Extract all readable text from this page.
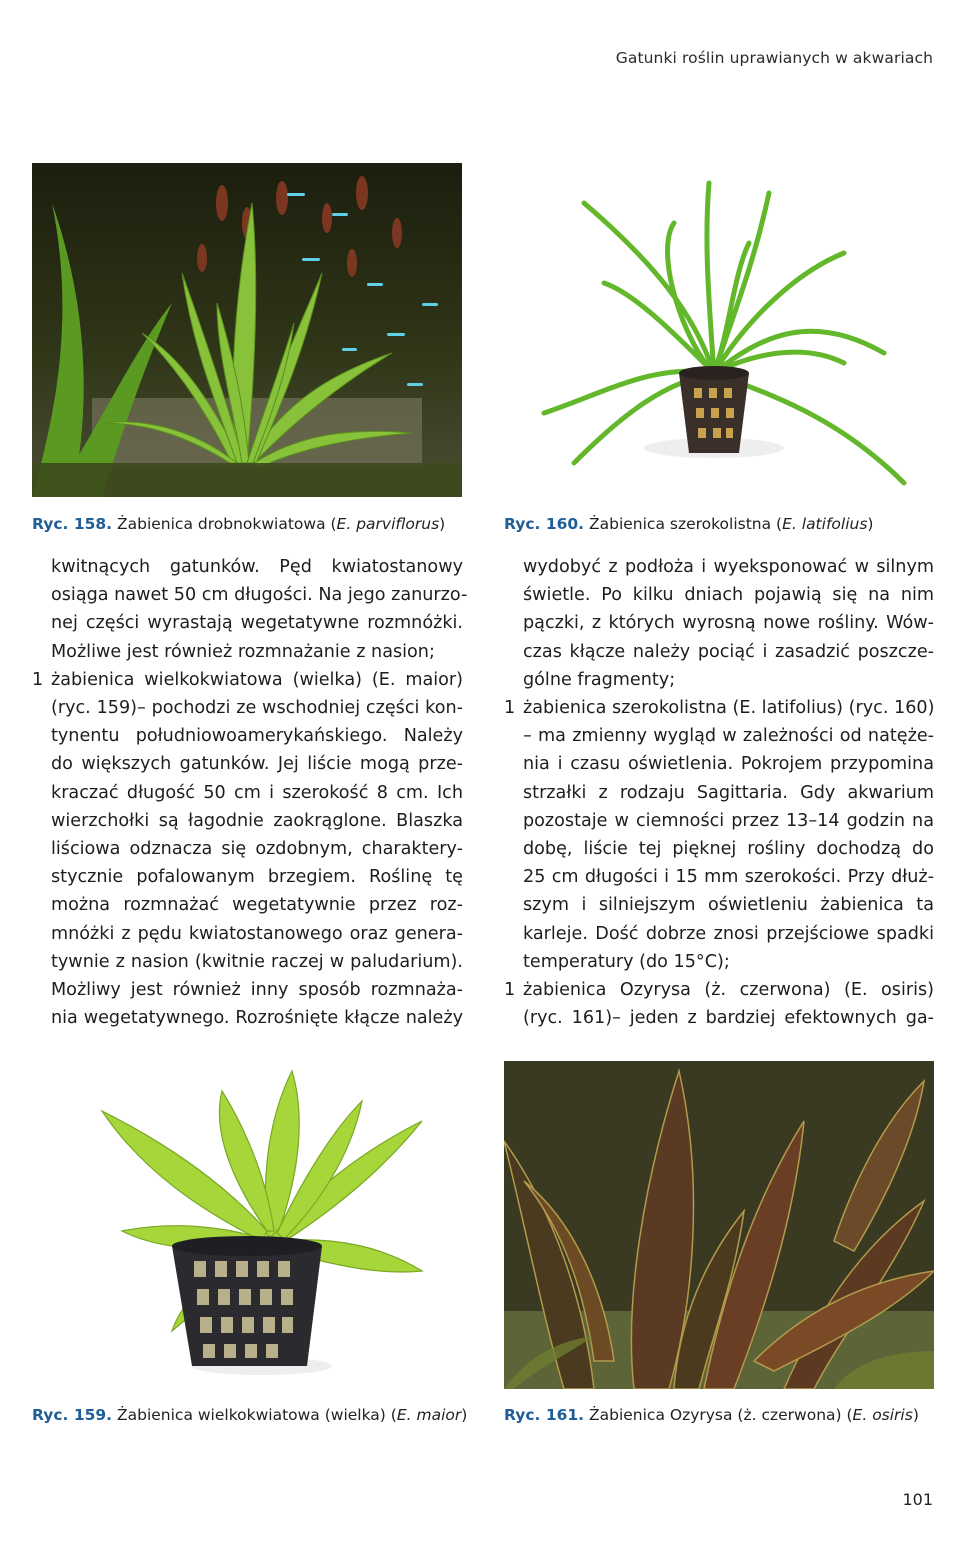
Gatunki roślin uprawianych w akwariach
Ryc. 158. Żabienica drobnokwiatowa (E. parviflorus)	Ryc. 160. Żabienica szerokolistna (E. latifolius)

kwitnących gatunków. Pęd kwiatostanowy
osiąga nawet 50 cm długości. Na jego zanurzo-
nej części wyrastają wegetatywne rozmnóżki.
Możliwe jest również rozmnażanie z nasion;

1 żabienica wielkokwiatowa (wielka) (E. maior)
(ryc. 159)– pochodzi ze wschodniej części kon-
tynentu południowoamerykańskiego. Należy
do większych gatunków. Jej liście mogą prze-
kraczać długość 50 cm i szerokość 8 cm. Ich
wierzchołki są łagodnie zaokrąglone. Blaszka
liściowa odznacza się ozdobnym, charaktery-
stycznie pofalowanym brzegiem. Roślinę tę
można rozmnażać wegetatywnie przez roz-
mnóżki z pędu kwiatostanowego oraz genera-
tywnie z nasion (kwitnie raczej w paludarium).
Możliwy jest również inny sposób rozmnaża-
nia wegetatywnego. Rozrośnięte kłącze należy

wydobyć z podłoża i wyeksponować w silnym
świetle. Po kilku dniach pojawią się na nim
pączki, z których wyrosną nowe rośliny. Wów-
czas kłącze należy pociąć i zasadzić poszcze-
gólne fragmenty;

1 żabienica szerokolistna (E. latifolius) (ryc. 160)
– ma zmienny wygląd w zależności od natęże-
nia i czasu oświetlenia. Pokrojem przypomina
strzałki z rodzaju Sagittaria. Gdy akwarium
pozostaje w ciemności przez 13–14 godzin na
dobę, liście tej pięknej rośliny dochodzą do
25 cm długości i 15 mm szerokości. Przy dłuż-
szym i silniejszym oświetleniu żabienica ta
karleje. Dość dobrze znosi przejściowe spadki
temperatury (do 15°C);
1 żabienica Ozyrysa (ż. czerwona) (E. osiris)
(ryc. 161)– jeden z bardziej efektownych ga-
Ryc. 159. Żabienica wielkokwiatowa (wielka) (E. maior) Ryc. 161. Żabienica Ozyrysa (ż. czerwona) (E. osiris)
101
